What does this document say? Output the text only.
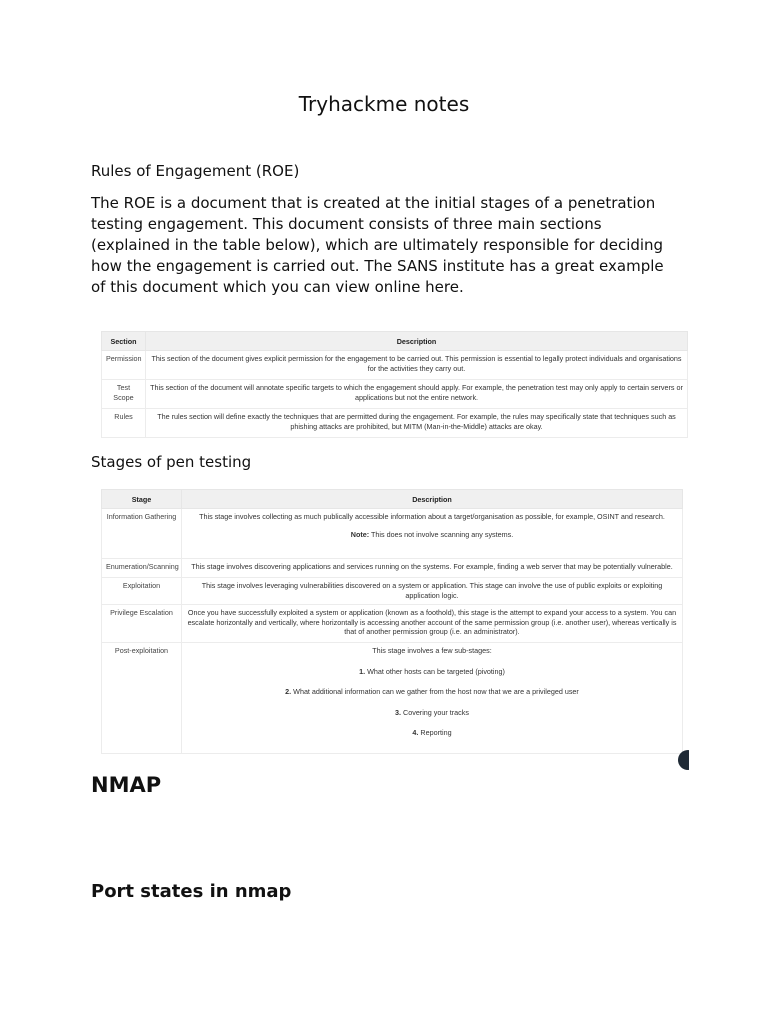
Tryhackme notes
Rules of Engagement (ROE)

The ROE is a document that is created at the initial stages of a penetration testing engagement. This document consists of three main sections (explained in the table below), which are ultimately responsible for deciding how the engagement is carried out. The SANS institute has a great example of this document which you can view online here.

Section	Description
Permission	This section of the document gives explicit permission for the engagement to be carried out. This permission is essential to legally protect individuals and organisations for the activities they carry out.
Test Scope	This section of the document will annotate specific targets to which the engagement should apply. For example, the penetration test may only apply to certain servers or applications but not the entire network.
Rules	The rules section will define exactly the techniques that are permitted during the engagement. For example, the rules may specifically state that techniques such as phishing attacks are prohibited, but MITM (Man-in-the-Middle) attacks are okay.
Stages of pen testing
Stage	Description
Information Gathering	This stage involves collecting as much publically accessible information about a target/organisation as possible, for example, OSINT and research.
Note: This does not involve scanning any systems.

Enumeration/Scanning	This stage involves discovering applications and services running on the systems. For example, finding a web server that may be potentially vulnerable.
Exploitation	This stage involves leveraging vulnerabilities discovered on a system or application. This stage can involve the use of public exploits or exploiting application logic.
Privilege Escalation	Once you have successfully exploited a system or application (known as a foothold), this stage is the attempt to expand your access to a system. You can escalate horizontally and vertically, where horizontally is accessing another account of the same permission group (i.e. another user), whereas vertically is that of another permission group (i.e. an administrator).
Post-exploitation	This stage involves a few sub-stages:
1. What other hosts can be targeted (pivoting)
2. What additional information can we gather from the host now that we are a privileged user
3. Covering your tracks
4. Reporting
NMAP
Port states in nmap
